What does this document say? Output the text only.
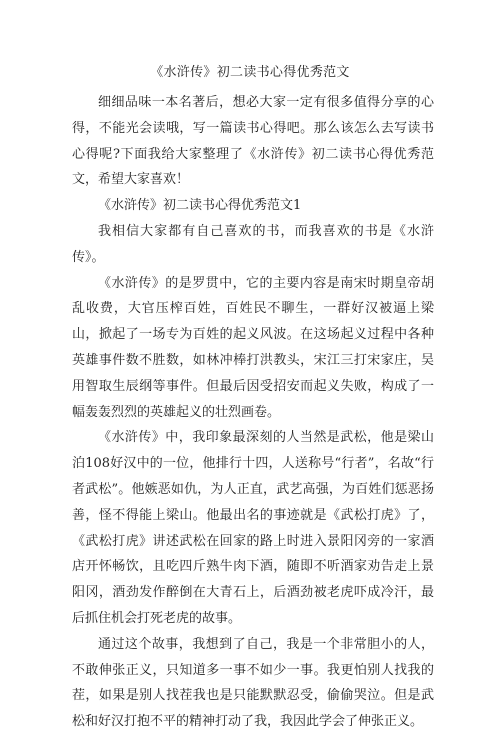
《水浒传》初二读书心得优秀范文

细细品味一本名著后，想必大家一定有很多值得分享的心得，不能光会读哦，写一篇读书心得吧。那么该怎么去写读书心得呢?下面我给大家整理了《水浒传》初二读书心得优秀范文，希望大家喜欢！

《水浒传》初二读书心得优秀范文1

我相信大家都有自己喜欢的书，而我喜欢的书是《水浒传》。

《水浒传》的是罗贯中，它的主要内容是南宋时期皇帝胡乱收费，大官压榨百姓，百姓民不聊生，一群好汉被逼上梁山，掀起了一场专为百姓的起义风波。在这场起义过程中各种英雄事件数不胜数，如林冲棒打洪教头，宋江三打宋家庄，吴用智取生辰纲等事件。但最后因受招安而起义失败，构成了一幅轰轰烈烈的英雄起义的壮烈画卷。

《水浒传》中，我印象最深刻的人当然是武松，他是梁山泊108好汉中的一位，他排行十四，人送称号“行者”，名故“行者武松”。他嫉恶如仇，为人正直，武艺高强，为百姓们惩恶扬善，怪不得能上梁山。他最出名的事迹就是《武松打虎》了，《武松打虎》讲述武松在回家的路上时进入景阳冈旁的一家酒店开怀畅饮，且吃四斤熟牛肉下酒，随即不听酒家劝告走上景阳冈，酒劲发作醉倒在大青石上，后酒劲被老虎吓成冷汗，最后抓住机会打死老虎的故事。

通过这个故事，我想到了自己，我是一个非常胆小的人，不敢伸张正义，只知道多一事不如少一事。我更怕别人找我的茬，如果是别人找茬我也是只能默默忍受，偷偷哭泣。但是武松和好汉打抱不平的精神打动了我，我因此学会了伸张正义。
